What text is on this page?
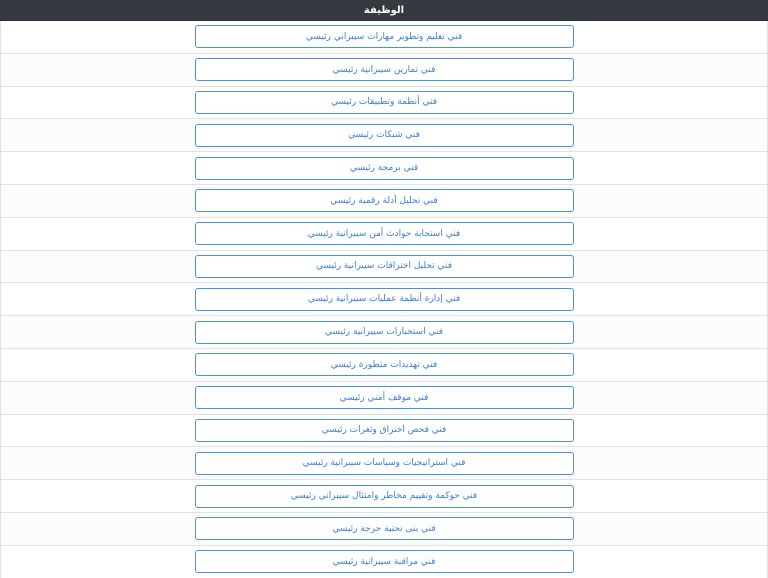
الوظيفة
فني تعليم وتطوير مهارات سيبراني رئيسي
فني تمارين سيبرانية رئيسي
فني أنظمة وتطبيقات رئيسي
فني شبكات رئيسي
فني برمجة رئيسي
فني تحليل أدلة رقمية رئيسي
فني استجابة حوادث أمن سيبرانية رئيسي
فني تحليل اختراقات سيبرانية رئيسي
فني إدارة أنظمة عمليات سيبرانية رئيسي
فني استخبارات سيبرانية رئيسي
فني تهديدات متطورة رئيسي
فني موقف أمني رئيسي
فني فحص اختراق وثغرات رئيسي
فني استراتيجيات وسياسات سيبرانية رئيسي
فني حوكمة وتقييم مخاطر وامتثال سيبراني رئيسي
فني بنى تحتية حرجة رئيسي
فني مراقبة سيبرانية رئيسي
